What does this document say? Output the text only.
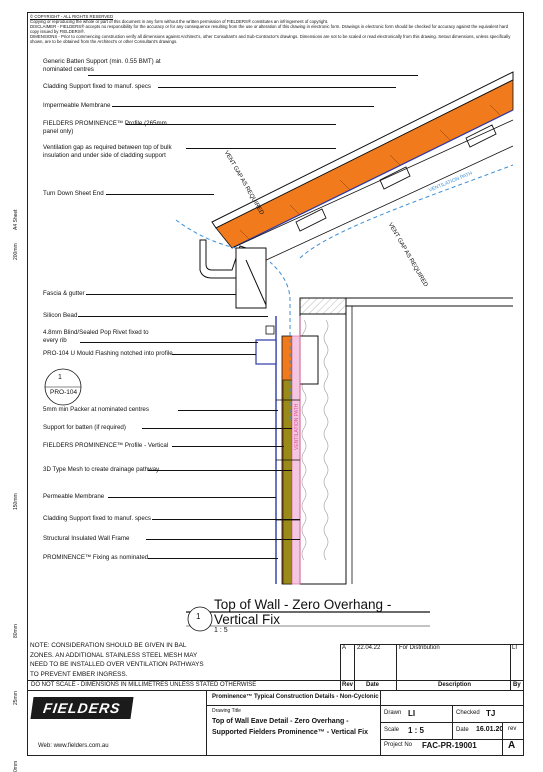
A4 Sheet
200mm
150mm
80mm
25mm
0mm

© COPYRIGHT - ALL RIGHTS RESERVED

Copying or reproducing the whole or part of this document in any form without the written permission of FIELDERS® constitutes an infringement of copyright.

DISCLAIMER - FIELDERS® accepts no responsibility for the accuracy or for any consequence resulting from the use or alteration of this drawing in electronic form. Drawings in electronic form should be checked for accuracy against the equivalent hard copy issued by FIELDERS®.

DIMENSIONS - Prior to commencing construction verify all dimensions against Architect's, other Consultant's and Sub-Contractor's drawings. Dimensions are not to be scaled or read electronically from this drawing. Setout dimensions, unless specifically shown, are to be obtained from the Architect's or other Consultant's drawings.

VENT GAP AS REQUIRED
VENT GAP AS REQUIRED
VENTILATION PATH
VENTILATION PATH
Generic Batten Support (min. 0.55 BMT) at nominated centres
Cladding Support fixed to manuf. specs
Impermeable Membrane
FIELDERS PROMINENCE™ Profile (265mm panel only)
Ventilation gap as required between top of bulk insulation and under side of cladding support
Turn Down Sheet End
Fascia & gutter
Silicon Bead
4.8mm Blind/Sealed Pop Rivet fixed to every rib
PRO-104 U Mould Flashing notched into profile
1
PRO-104
5mm min Packer at nominated centres
Support for batten (if required)
FIELDERS PROMINENCE™ Profile - Vertical
3D Type Mesh to create drainage pathway
Permeable Membrane
Cladding Support fixed to manuf. specs
Structural Insulated Wall Frame
PROMINENCE™ Fixing as nominated
1
Top of Wall - Zero Overhang - Vertical Fix
1 : 5
NOTE: CONSIDERATION SHOULD BE GIVEN IN BAL ZONES. AN ADDITIONAL STAINLESS STEEL MESH MAY NEED TO BE INSTALLED OVER VENTILATION PATHWAYS TO PREVENT EMBER INGRESS.
A 22.04.22	For Distribution	LI
Rev Date	Description	By
DO NOT SCALE - DIMENSIONS IN MILLIMETRES UNLESS STATED OTHERWISE
FIELDERS
Web: www.fielders.com.au
Prominence™ Typical Construction Details - Non-Cyclonic
Drawing Title
Top of Wall Eave Detail - Zero Overhang - Supported Fielders Prominence™ - Vertical Fix
Drawn LI	Checked TJ
Scale 1 : 5	Date 16.01.20
Project No FAC-PR-19001
rev
A
